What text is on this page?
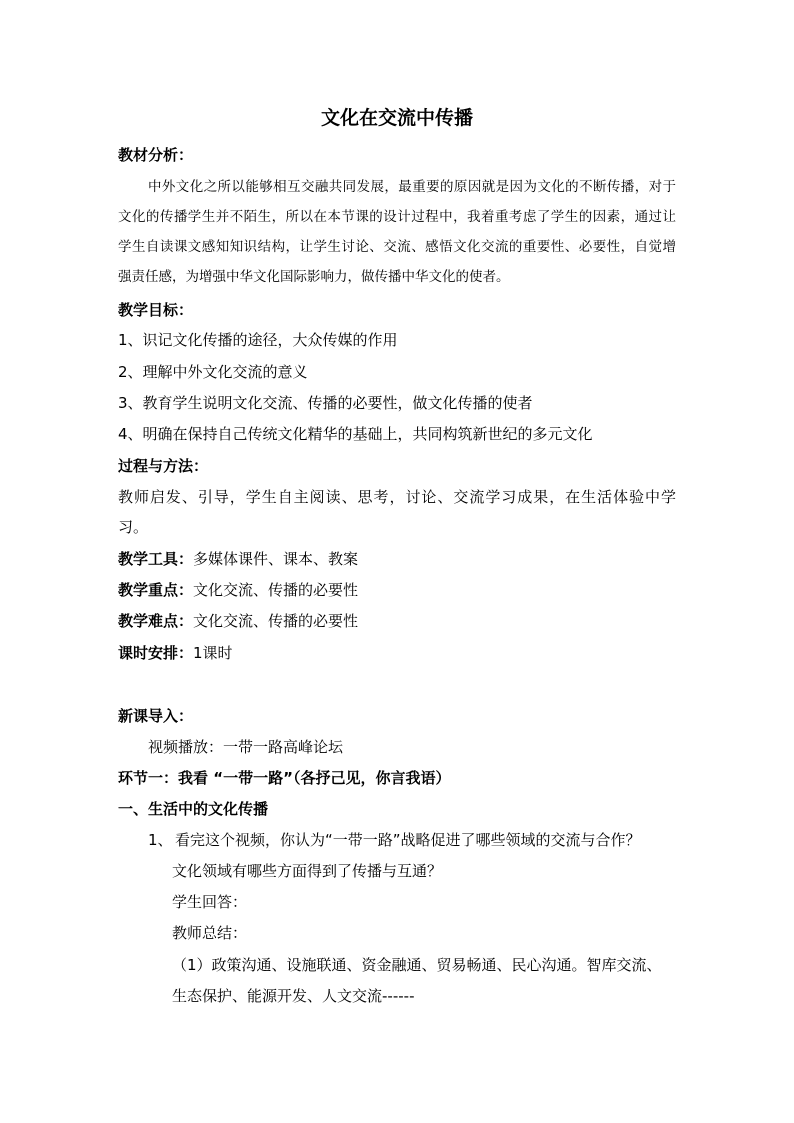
文化在交流中传播
教材分析：
中外文化之所以能够相互交融共同发展，最重要的原因就是因为文化的不断传播，对于
文化的传播学生并不陌生，所以在本节课的设计过程中，我着重考虑了学生的因素，通过让
学生自读课文感知知识结构，让学生讨论、交流、感悟文化交流的重要性、必要性，自觉增
强责任感，为增强中华文化国际影响力，做传播中华文化的使者。
教学目标：
1、识记文化传播的途径，大众传媒的作用
2、理解中外文化交流的意义
3、教育学生说明文化交流、传播的必要性，做文化传播的使者
4、明确在保持自己传统文化精华的基础上，共同构筑新世纪的多元文化
过程与方法：
教师启发、引导，学生自主阅读、思考，讨论、交流学习成果，在生活体验中学
习。
教学工具：多媒体课件、课本、教案
教学重点：文化交流、传播的必要性
教学难点：文化交流、传播的必要性
课时安排：1课时
新课导入：
视频播放：一带一路高峰论坛
环节一：我看 “一带一路”（各抒己见，你言我语）
一、生活中的文化传播
1、 看完这个视频，你认为“一带一路”战略促进了哪些领域的交流与合作？
文化领域有哪些方面得到了传播与互通？
学生回答：
教师总结：
（1）政策沟通、设施联通、资金融通、贸易畅通、民心沟通。智库交流、
生态保护、能源开发、人文交流------
